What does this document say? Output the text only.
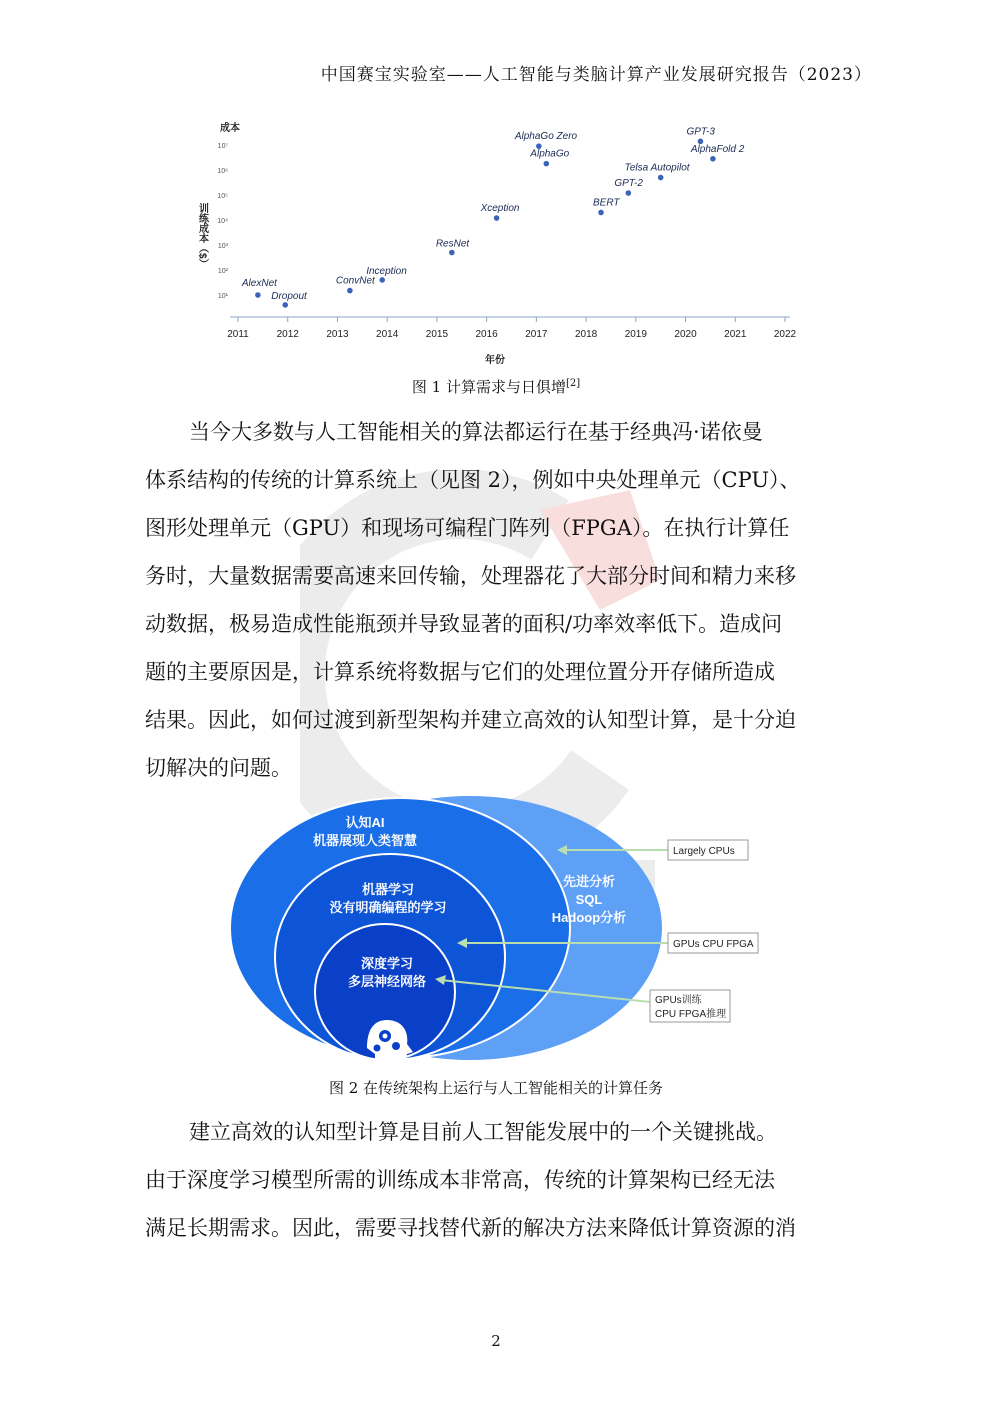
中国赛宝实验室——人工智能与类脑计算产业发展研究报告（2023）
成本
训练成本（$）
2011	2012	2013	2014	2015	2016	2017	2018	2019	2020	2021	2022
10¹
10²
10³
10⁴
10⁵
10⁶
10⁷
AlexNet
Dropout
ConvNet
Inception
ResNet
Xception
AlphaGo Zero
AlphaGo
BERT
GPT-2
Telsa Autopilot
GPT-3
AlphaFold 2
年份
图 1 计算需求与日俱增[2]
当今大多数与人工智能相关的算法都运行在基于经典冯·诺依曼
体系结构的传统的计算系统上（见图 2），例如中央处理单元（CPU）、
图形处理单元（GPU）和现场可编程门阵列（FPGA）。在执行计算任
务时，大量数据需要高速来回传输，处理器花了大部分时间和精力来移
动数据，极易造成性能瓶颈并导致显著的面积/功率效率低下。造成问
题的主要原因是，计算系统将数据与它们的处理位置分开存储所造成
结果。因此，如何过渡到新型架构并建立高效的认知型计算，是十分迫
切解决的问题。
认知AI
机器展现人类智慧
机器学习
没有明确编程的学习
深度学习
多层神经网络
先进分析
SQL
Hadoop分析
Largely CPUs
GPUs CPU FPGA
GPUs训练
CPU FPGA推理
图 2 在传统架构上运行与人工智能相关的计算任务
建立高效的认知型计算是目前人工智能发展中的一个关键挑战。
由于深度学习模型所需的训练成本非常高，传统的计算架构已经无法
满足长期需求。因此，需要寻找替代新的解决方法来降低计算资源的消
2
